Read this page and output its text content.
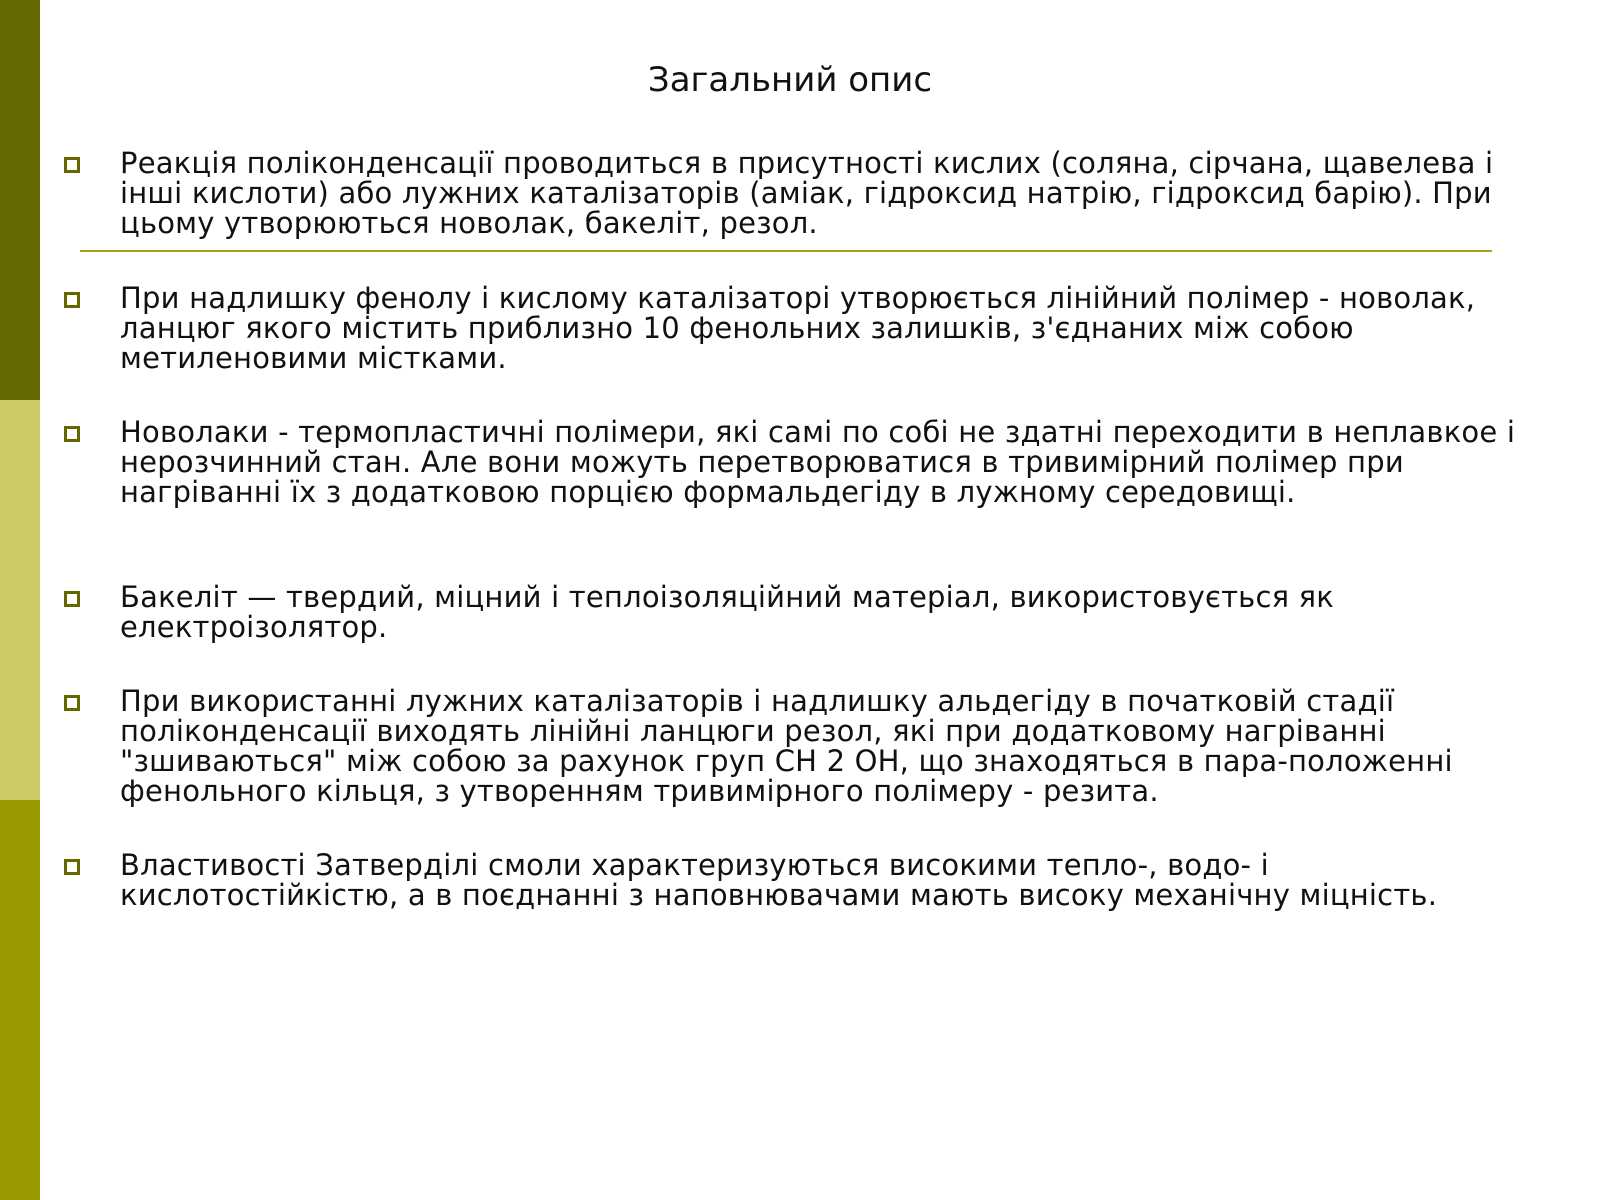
Загальний опис

Реакція поліконденсації проводиться в присутності кислих (соляна, сірчана, щавелева і інші кислоти) або лужних каталізаторів (аміак, гідроксид натрію, гідроксид барію). При цьому утворюються новолак, бакеліт, резол.

При надлишку фенолу і кислому каталізаторі утворюється лінійний полімер - новолак, ланцюг якого містить приблизно 10 фенольних залишків, з'єднаних між собою метиленовими містками.

Новолаки - термопластичні полімери, які самі по собі не здатні переходити в неплавкое і нерозчинний стан. Але вони можуть перетворюватися в тривимірний полімер при нагріванні їх з додатковою порцією формальдегіду в лужному середовищі.

Бакеліт — твердий, міцний і теплоізоляційний матеріал, використовується як електроізолятор.

При використанні лужних каталізаторів і надлишку альдегіду в початковій стадії поліконденсації виходять лінійні ланцюги резол, які при додатковому нагріванні "зшиваються" між собою за рахунок груп CH 2 OH, що знаходяться в пара-положенні фенольного кільця, з утворенням тривимірного полімеру - резита.

Властивості Затверділі смоли характеризуються високими тепло-, водо- і кислотостійкістю, а в поєднанні з наповнювачами мають високу механічну міцність.
